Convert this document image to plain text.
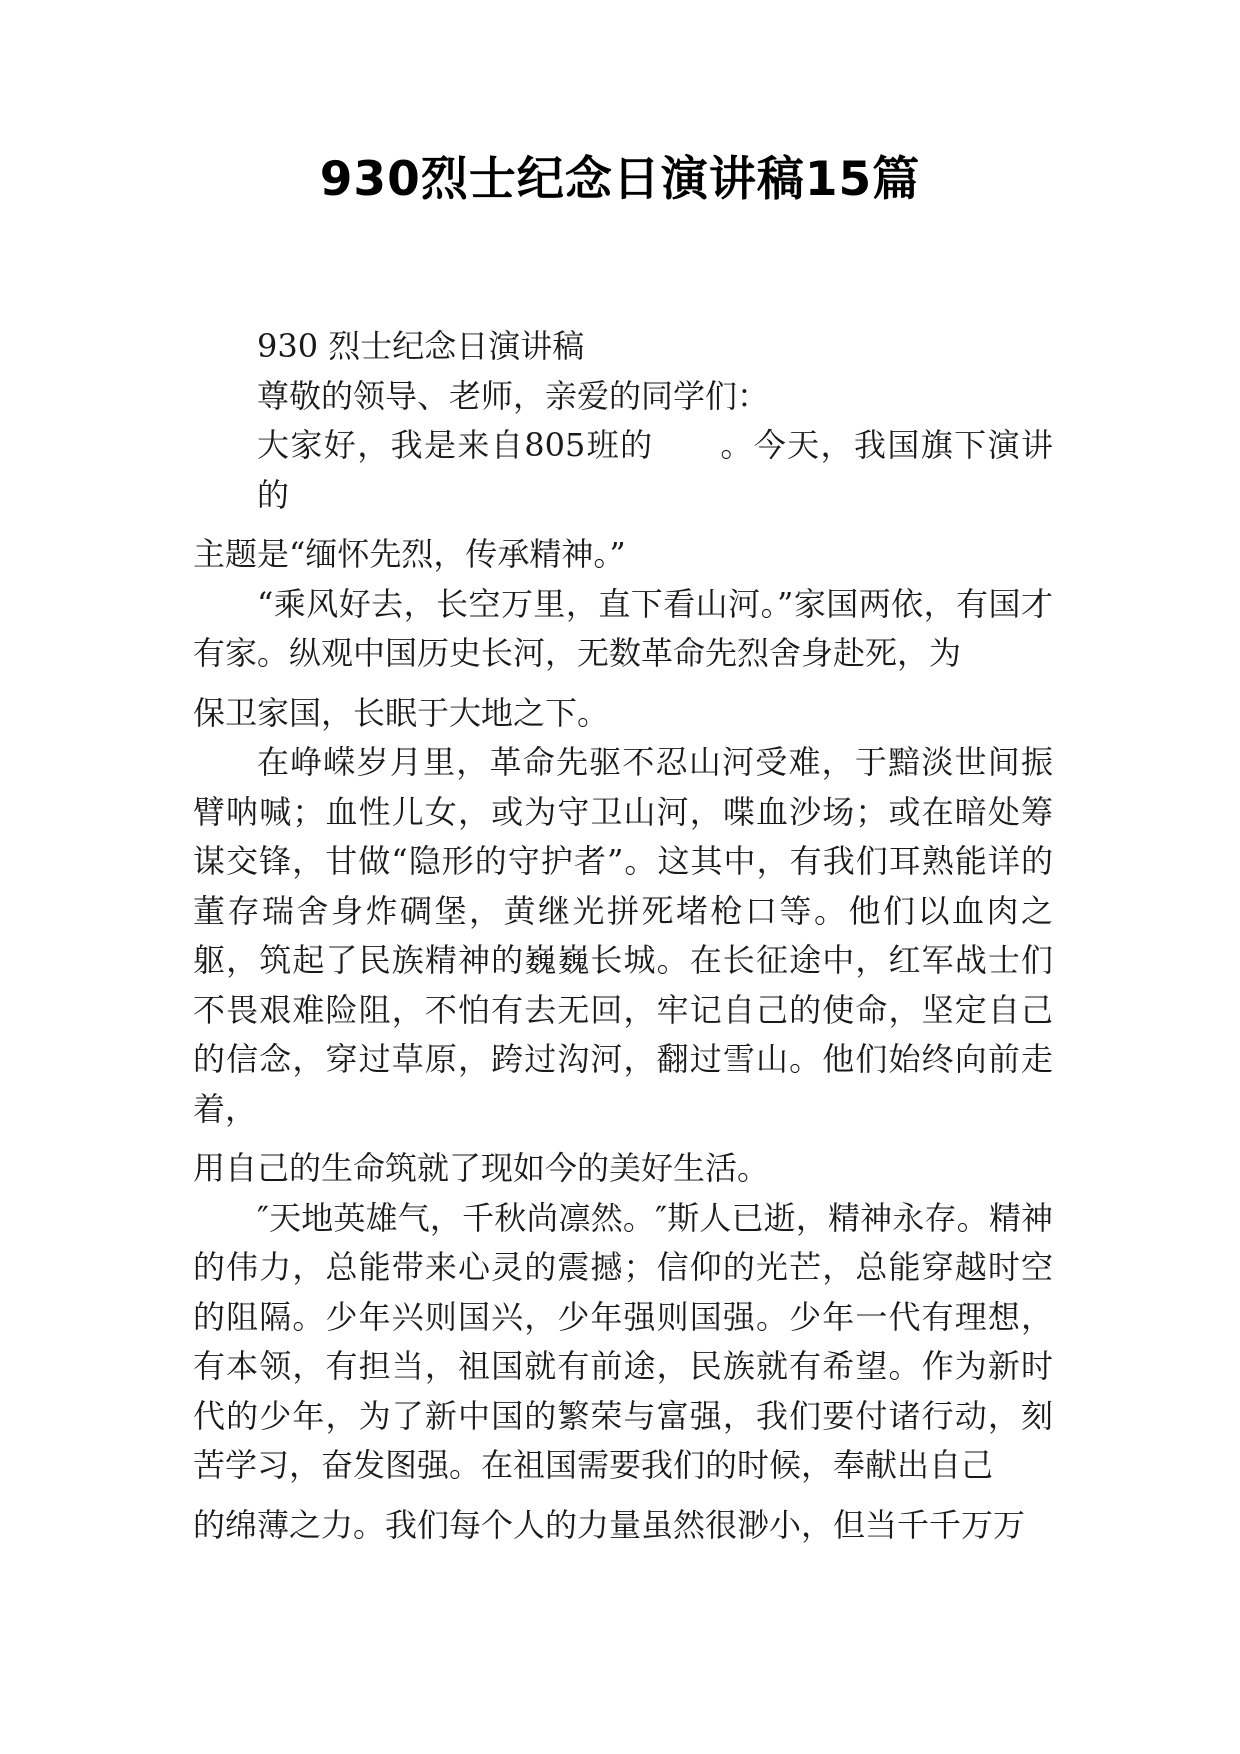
930烈士纪念日演讲稿15篇

930 烈士纪念日演讲稿

尊敬的领导、老师，亲爱的同学们：

大家好，我是来自805班的　　。今天，我国旗下演讲的

主题是“缅怀先烈，传承精神。”

“乘风好去，长空万里，直下看山河。”家国两依，有国才有家。纵观中国历史长河，无数革命先烈舍身赴死，为

保卫家国，长眠于大地之下。

在峥嵘岁月里，革命先驱不忍山河受难，于黯淡世间振臂呐喊；血性儿女，或为守卫山河，喋血沙场；或在暗处筹谋交锋，甘做“隐形的守护者”。这其中，有我们耳熟能详的董存瑞舍身炸碉堡，黄继光拼死堵枪口等。他们以血肉之躯，筑起了民族精神的巍巍长城。在长征途中，红军战士们不畏艰难险阻，不怕有去无回，牢记自己的使命，坚定自己的信念，穿过草原，跨过沟河，翻过雪山。他们始终向前走着，

用自己的生命筑就了现如今的美好生活。

″天地英雄气，千秋尚凛然。″斯人已逝，精神永存。精神的伟力，总能带来心灵的震撼；信仰的光芒，总能穿越时空的阻隔。少年兴则国兴，少年强则国强。少年一代有理想，有本领，有担当，祖国就有前途，民族就有希望。作为新时代的少年，为了新中国的繁荣与富强，我们要付诸行动，刻苦学习，奋发图强。在祖国需要我们的时候，奉献出自己

的绵薄之力。我们每个人的力量虽然很渺小，但当千千万万
